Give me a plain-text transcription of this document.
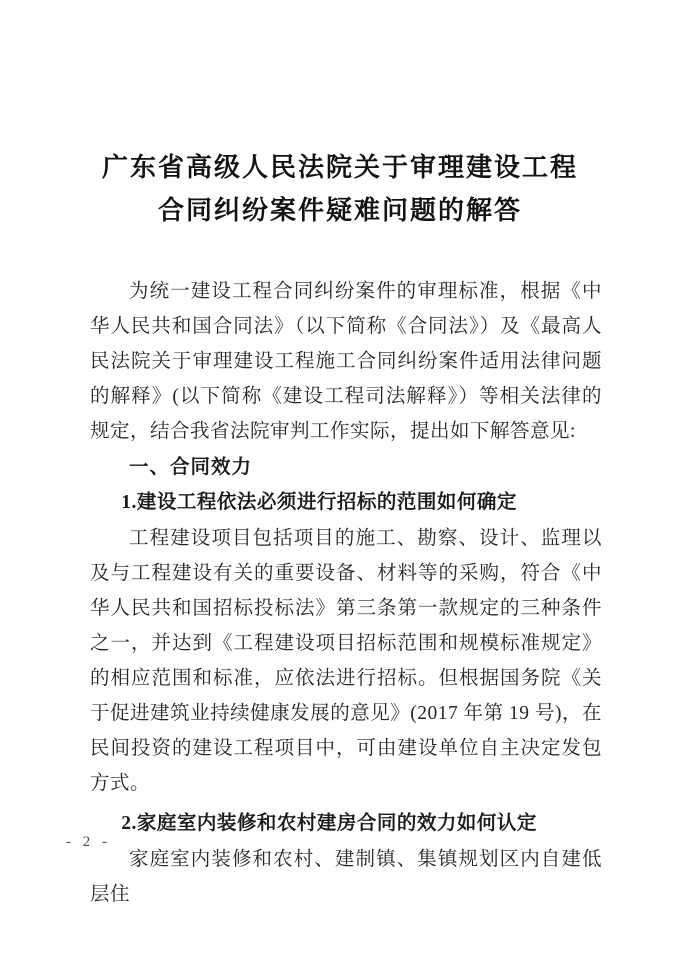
广东省高级人民法院关于审理建设工程
合同纠纷案件疑难问题的解答

为统一建设工程合同纠纷案件的审理标准，根据《中华人民共和国合同法》（以下简称《合同法》）及《最高人民法院关于审理建设工程施工合同纠纷案件适用法律问题的解释》(以下简称《建设工程司法解释》）等相关法律的规定，结合我省法院审判工作实际，提出如下解答意见:

一、合同效力
1.建设工程依法必须进行招标的范围如何确定

工程建设项目包括项目的施工、勘察、设计、监理以及与工程建设有关的重要设备、材料等的采购，符合《中华人民共和国招标投标法》第三条第一款规定的三种条件之一，并达到《工程建设项目招标范围和规模标准规定》的相应范围和标准，应依法进行招标。但根据国务院《关于促进建筑业持续健康发展的意见》(2017 年第 19 号)，在民间投资的建设工程项目中，可由建设单位自主决定发包方式。

2.家庭室内装修和农村建房合同的效力如何认定

家庭室内装修和农村、建制镇、集镇规划区内自建低层住

- 2 -
